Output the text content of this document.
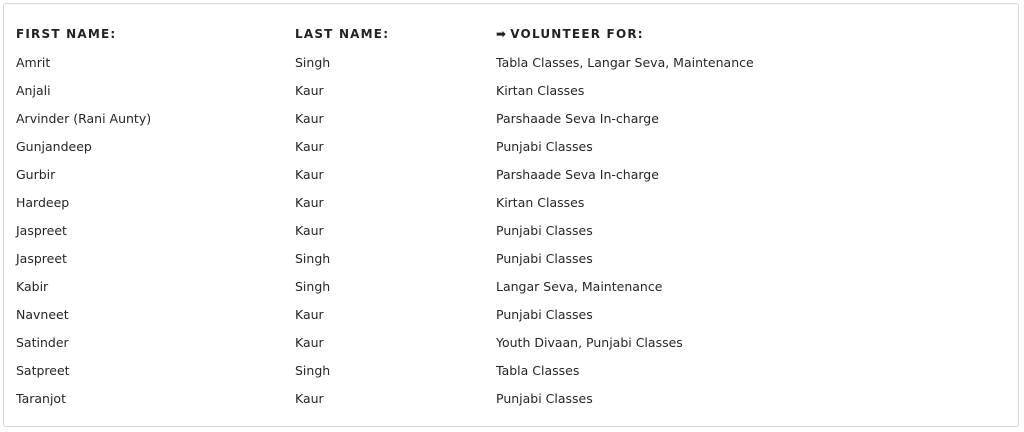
FIRST NAME:	LAST NAME:	➡ VOLUNTEER FOR:
Amrit	Singh	Tabla Classes, Langar Seva, Maintenance
Anjali	Kaur	Kirtan Classes
Arvinder (Rani Aunty)	Kaur	Parshaade Seva In-charge
Gunjandeep	Kaur	Punjabi Classes
Gurbir	Kaur	Parshaade Seva In-charge
Hardeep	Kaur	Kirtan Classes
Jaspreet	Kaur	Punjabi Classes
Jaspreet	Singh	Punjabi Classes
Kabir	Singh	Langar Seva, Maintenance
Navneet	Kaur	Punjabi Classes
Satinder	Kaur	Youth Divaan, Punjabi Classes
Satpreet	Singh	Tabla Classes
Taranjot	Kaur	Punjabi Classes
